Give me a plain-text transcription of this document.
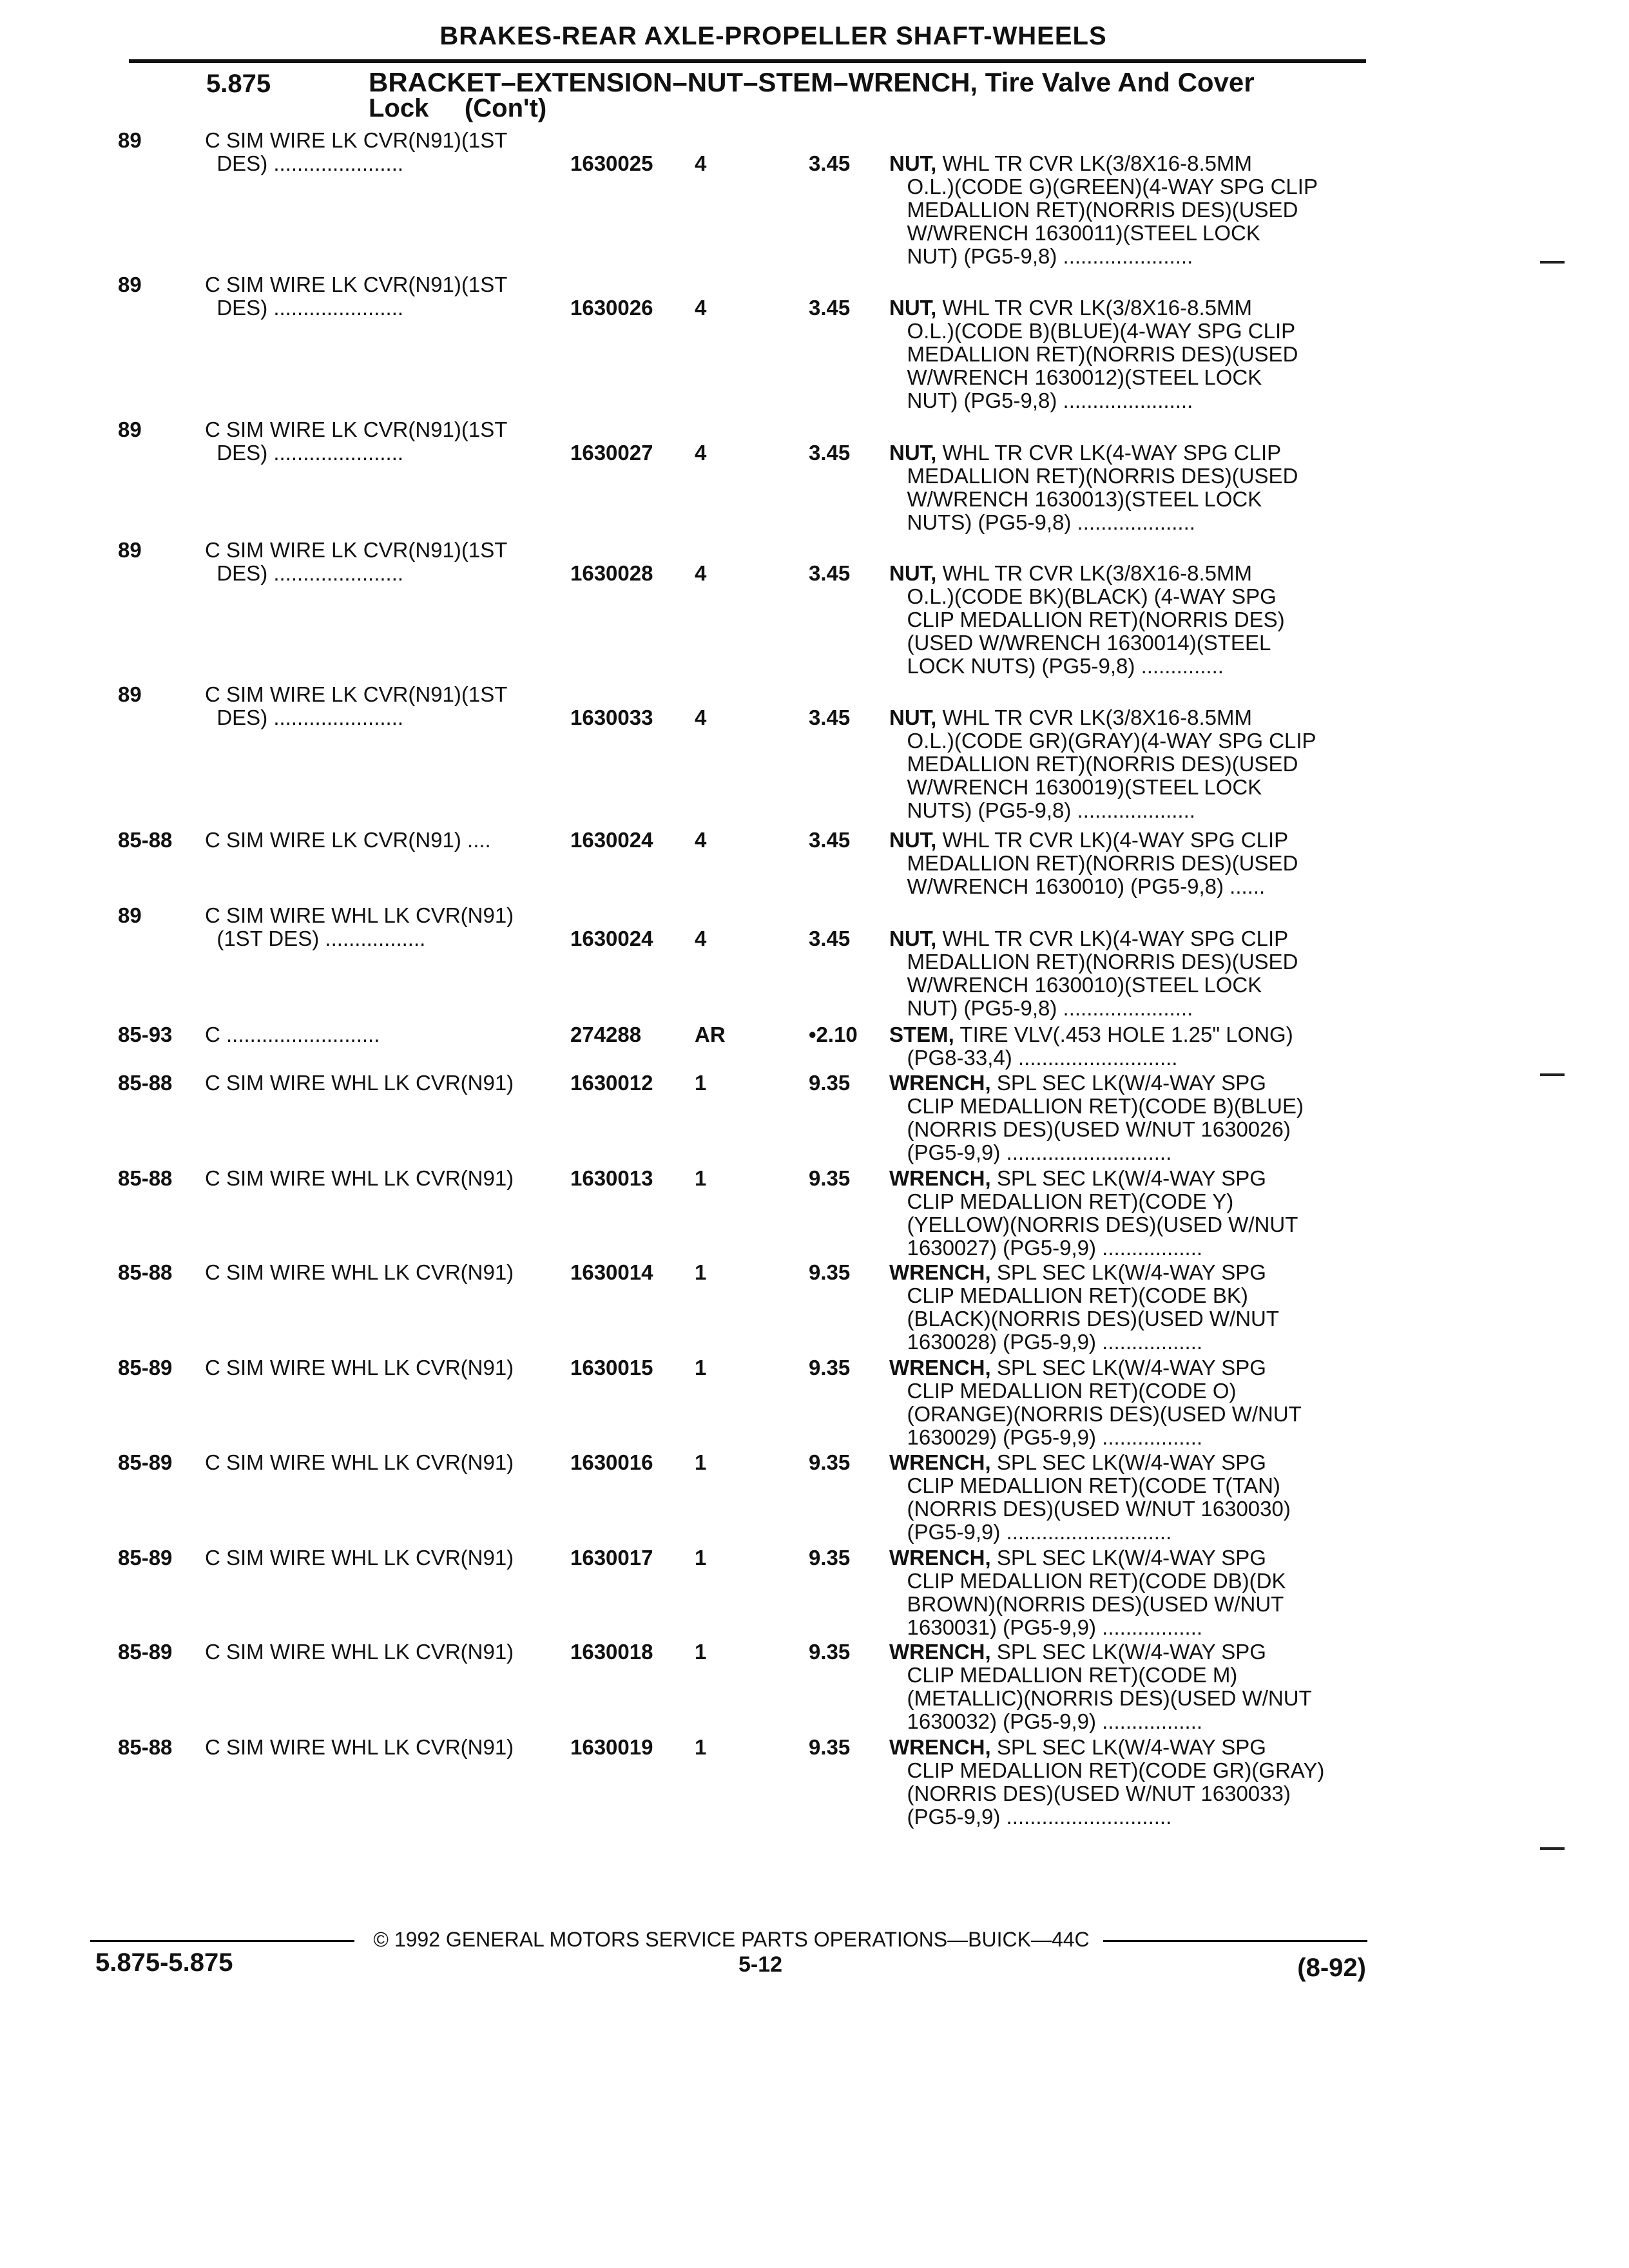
BRAKES-REAR AXLE-PROPELLER SHAFT-WHEELS
5.875	BRACKET–EXTENSION–NUT–STEM–WRENCH, Tire Valve And Cover
Lock     (Con't)
89	C SIM WIRE LK CVR(N91)(1ST
DES) ......................	1630025 4	3.45 NUT, WHL TR CVR LK(3/8X16-8.5MM
O.L.)(CODE G)(GREEN)(4-WAY SPG CLIP
MEDALLION RET)(NORRIS DES)(USED
W/WRENCH 1630011)(STEEL LOCK
NUT) (PG5-9,8) ......................
89	C SIM WIRE LK CVR(N91)(1ST
DES) ......................	1630026 4	3.45 NUT, WHL TR CVR LK(3/8X16-8.5MM
O.L.)(CODE B)(BLUE)(4-WAY SPG CLIP
MEDALLION RET)(NORRIS DES)(USED
W/WRENCH 1630012)(STEEL LOCK
NUT) (PG5-9,8) ......................
89	C SIM WIRE LK CVR(N91)(1ST
DES) ......................	1630027 4	3.45 NUT, WHL TR CVR LK(4-WAY SPG CLIP
MEDALLION RET)(NORRIS DES)(USED
W/WRENCH 1630013)(STEEL LOCK
NUTS) (PG5-9,8) ....................
89	C SIM WIRE LK CVR(N91)(1ST
DES) ......................	1630028 4	3.45 NUT, WHL TR CVR LK(3/8X16-8.5MM
O.L.)(CODE BK)(BLACK) (4-WAY SPG
CLIP MEDALLION RET)(NORRIS DES)
(USED W/WRENCH 1630014)(STEEL
LOCK NUTS) (PG5-9,8) ..............
89	C SIM WIRE LK CVR(N91)(1ST
DES) ......................	1630033 4	3.45 NUT, WHL TR CVR LK(3/8X16-8.5MM
O.L.)(CODE GR)(GRAY)(4-WAY SPG CLIP
MEDALLION RET)(NORRIS DES)(USED
W/WRENCH 1630019)(STEEL LOCK
NUTS) (PG5-9,8) ....................
85-88	C SIM WIRE LK CVR(N91) ....	1630024 4	3.45 NUT, WHL TR CVR LK)(4-WAY SPG CLIP
MEDALLION RET)(NORRIS DES)(USED
W/WRENCH 1630010) (PG5-9,8) ......
89	C SIM WIRE WHL LK CVR(N91)
(1ST DES) .................	1630024 4	3.45 NUT, WHL TR CVR LK)(4-WAY SPG CLIP
MEDALLION RET)(NORRIS DES)(USED
W/WRENCH 1630010)(STEEL LOCK
NUT) (PG5-9,8) ......................
85-93	C ..........................	274288	AR	•2.10 STEM, TIRE VLV(.453 HOLE 1.25" LONG)
(PG8-33,4) ...........................
85-88	C SIM WIRE WHL LK CVR(N91)	1630012 1	9.35 WRENCH, SPL SEC LK(W/4-WAY SPG
CLIP MEDALLION RET)(CODE B)(BLUE)
(NORRIS DES)(USED W/NUT 1630026)
(PG5-9,9) ............................
85-88	C SIM WIRE WHL LK CVR(N91)	1630013 1	9.35 WRENCH, SPL SEC LK(W/4-WAY SPG
CLIP MEDALLION RET)(CODE Y)
(YELLOW)(NORRIS DES)(USED W/NUT
1630027) (PG5-9,9) .................
85-88	C SIM WIRE WHL LK CVR(N91)	1630014 1	9.35 WRENCH, SPL SEC LK(W/4-WAY SPG
CLIP MEDALLION RET)(CODE BK)
(BLACK)(NORRIS DES)(USED W/NUT
1630028) (PG5-9,9) .................
85-89	C SIM WIRE WHL LK CVR(N91)	1630015 1	9.35 WRENCH, SPL SEC LK(W/4-WAY SPG
CLIP MEDALLION RET)(CODE O)
(ORANGE)(NORRIS DES)(USED W/NUT
1630029) (PG5-9,9) .................
85-89	C SIM WIRE WHL LK CVR(N91)	1630016 1	9.35 WRENCH, SPL SEC LK(W/4-WAY SPG
CLIP MEDALLION RET)(CODE T(TAN)
(NORRIS DES)(USED W/NUT 1630030)
(PG5-9,9) ............................
85-89	C SIM WIRE WHL LK CVR(N91)	1630017 1	9.35 WRENCH, SPL SEC LK(W/4-WAY SPG
CLIP MEDALLION RET)(CODE DB)(DK
BROWN)(NORRIS DES)(USED W/NUT
1630031) (PG5-9,9) .................
85-89	C SIM WIRE WHL LK CVR(N91)	1630018 1	9.35 WRENCH, SPL SEC LK(W/4-WAY SPG
CLIP MEDALLION RET)(CODE M)
(METALLIC)(NORRIS DES)(USED W/NUT
1630032) (PG5-9,9) .................
85-88	C SIM WIRE WHL LK CVR(N91)	1630019 1	9.35 WRENCH, SPL SEC LK(W/4-WAY SPG
CLIP MEDALLION RET)(CODE GR)(GRAY)
(NORRIS DES)(USED W/NUT 1630033)
(PG5-9,9) ............................
© 1992 GENERAL MOTORS SERVICE PARTS OPERATIONS—BUICK—44C
5.875-5.875	5-12	(8-92)
